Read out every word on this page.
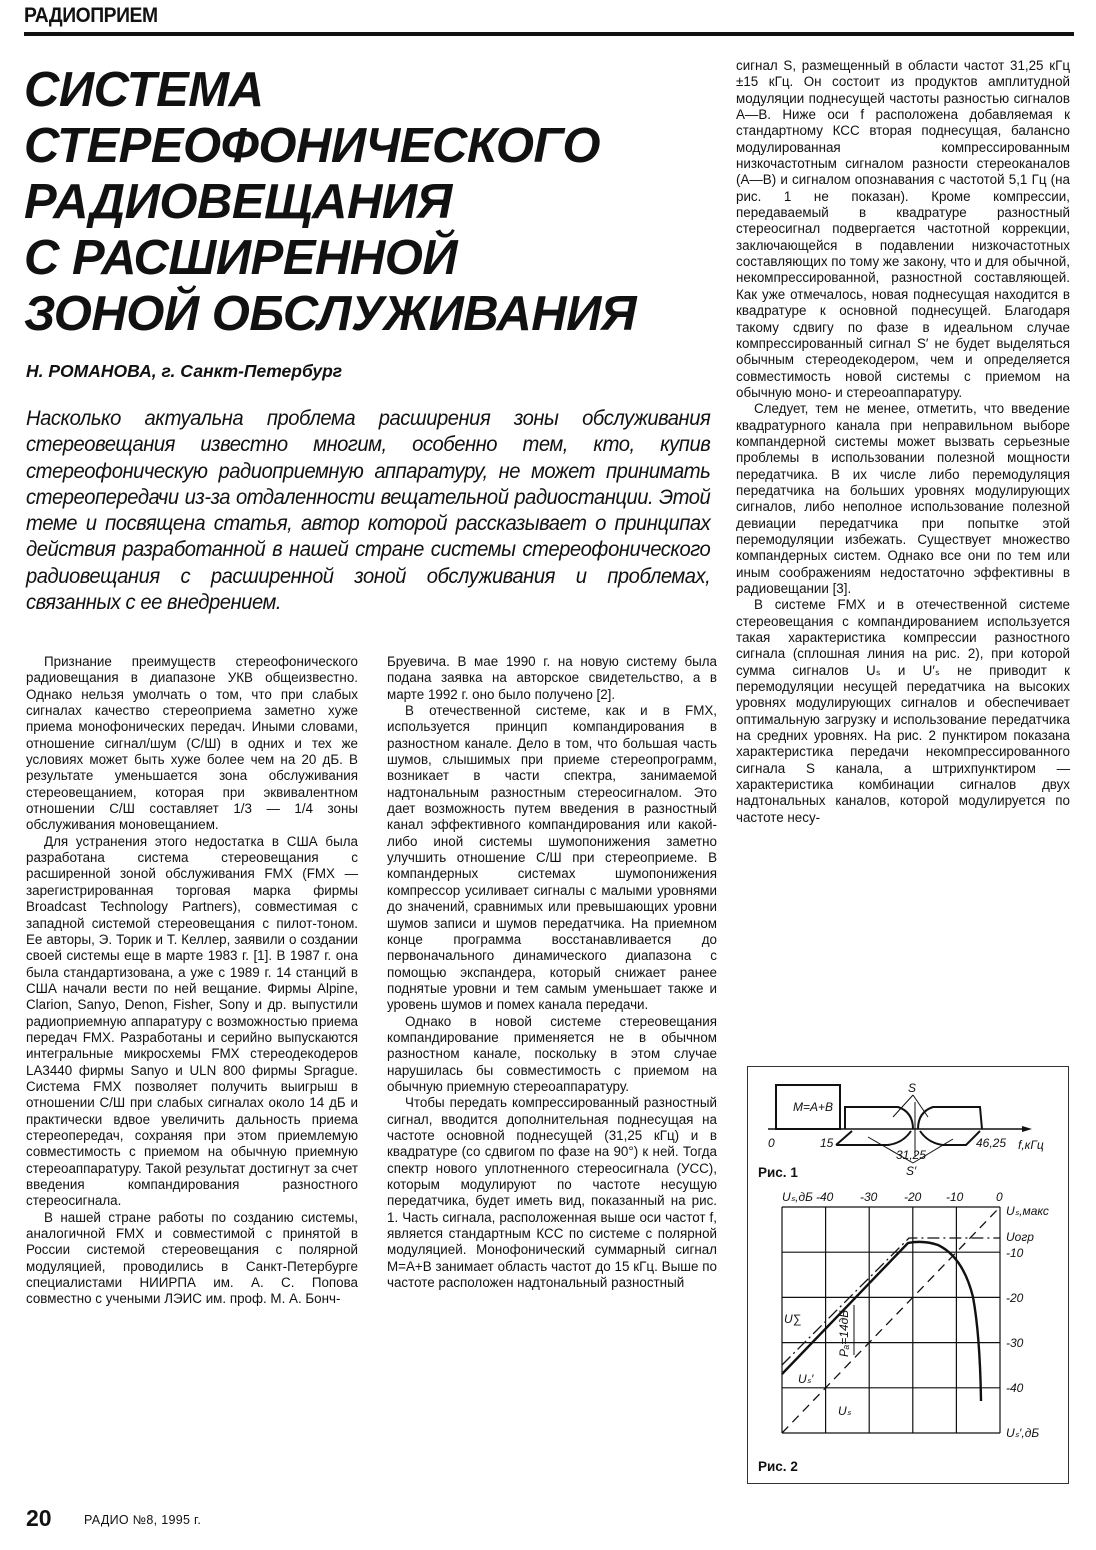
РАДИОПРИЕМ
СИСТЕМА
СТЕРЕОФОНИЧЕСКОГО
РАДИОВЕЩАНИЯ
С РАСШИРЕННОЙ
ЗОНОЙ ОБСЛУЖИВАНИЯ
Н. РОМАНОВА, г. Санкт-Петербург
Насколько актуальна проблема расширения зоны обслуживания стереовещания известно многим, особенно тем, кто, купив стереофоническую радиоприемную аппаратуру, не может принимать стереопередачи из-за отдаленности вещательной радиостанции. Этой теме и посвящена статья, автор которой рассказывает о принципах действия разработанной в нашей стране системы стереофонического радиовещания с расширенной зоной обслуживания и проблемах, связанных с ее внедрением.

Признание преимуществ стереофонического радиовещания в диапазоне УКВ общеизвестно. Однако нельзя умолчать о том, что при слабых сигналах качество стереоприема заметно хуже приема монофонических передач. Иными словами, отношение сигнал/шум (С/Ш) в одних и тех же условиях может быть хуже более чем на 20 дБ. В результате уменьшается зона обслуживания стереовещанием, которая при эквивалентном отношении С/Ш составляет 1/3 — 1/4 зоны обслуживания моновещанием.

Для устранения этого недостатка в США была разработана система стереовещания с расширенной зоной обслуживания FMX (FMX — зарегистрированная торговая марка фирмы Broadcast Technology Partners), совместимая с западной системой стереовещания с пилот-тоном. Ее авторы, Э. Торик и Т. Келлер, заявили о создании своей системы еще в марте 1983 г. [1]. В 1987 г. она была стандартизована, а уже с 1989 г. 14 станций в США начали вести по ней вещание. Фирмы Alpine, Clarion, Sanyo, Denon, Fisher, Sony и др. выпустили радиоприемную аппаратуру с возможностью приема передач FMX. Разработаны и серийно выпускаются интегральные микросхемы FMX стереодекодеров LA3440 фирмы Sanyo и ULN 800 фирмы Sprague. Система FMX позволяет получить выигрыш в отношении С/Ш при слабых сигналах около 14 дБ и практически вдвое увеличить дальность приема стереопередач, сохраняя при этом приемлемую совместимость с приемом на обычную приемную стереоаппаратуру. Такой результат достигнут за счет введения компандирования разностного стереосигнала.

В нашей стране работы по созданию системы, аналогичной FMX и совместимой с принятой в России системой стереовещания с полярной модуляцией, проводились в Санкт-Петербурге специалистами НИИРПА им. А. С. Попова совместно с учеными ЛЭИС им. проф. М. А. Бонч-

Бруевича. В мае 1990 г. на новую систему была подана заявка на авторское свидетельство, а в марте 1992 г. оно было получено [2].

В отечественной системе, как и в FMX, используется принцип компандирования в разностном канале. Дело в том, что большая часть шумов, слышимых при приеме стереопрограмм, возникает в части спектра, занимаемой надтональным разностным стереосигналом. Это дает возможность путем введения в разностный канал эффективного компандирования или какой-либо иной системы шумопонижения заметно улучшить отношение С/Ш при стереоприеме. В компандерных системах шумопонижения компрессор усиливает сигналы с малыми уровнями до значений, сравнимых или превышающих уровни шумов записи и шумов передатчика. На приемном конце программа восстанавливается до первоначального динамического диапазона с помощью экспандера, который снижает ранее поднятые уровни и тем самым уменьшает также и уровень шумов и помех канала передачи.

Однако в новой системе стереовещания компандирование применяется не в обычном разностном канале, поскольку в этом случае нарушилась бы совместимость с приемом на обычную приемную стереоаппаратуру.

Чтобы передать компрессированный разностный сигнал, вводится дополнительная поднесущая на частоте основной поднесущей (31,25 кГц) и в квадратуре (со сдвигом по фазе на 90°) к ней. Тогда спектр нового уплотненного стереосигнала (УСС), которым модулируют по частоте несущую передатчика, будет иметь вид, показанный на рис. 1. Часть сигнала, расположенная выше оси частот f, является стандартным КСС по системе с полярной модуляцией. Монофонический суммарный сигнал M=A+B занимает область частот до 15 кГц. Выше по частоте расположен надтональный разностный

сигнал S, размещенный в области частот 31,25 кГц ±15 кГц. Он состоит из продуктов амплитудной модуляции поднесущей частоты разностью сигналов A—B. Ниже оси f расположена добавляемая к стандартному КСС вторая поднесущая, балансно модулированная компрессированным низкочастотным сигналом разности стереоканалов (A—B) и сигналом опознавания с частотой 5,1 Гц (на рис. 1 не показан). Кроме компрессии, передаваемый в квадратуре разностный стереосигнал подвергается частотной коррекции, заключающейся в подавлении низкочастотных составляющих по тому же закону, что и для обычной, некомпрессированной, разностной составляющей. Как уже отмечалось, новая поднесущая находится в квадратуре к основной поднесущей. Благодаря такому сдвигу по фазе в идеальном случае компрессированный сигнал S′ не будет выделяться обычным стереодекодером, чем и определяется совместимость новой системы с приемом на обычную моно- и стереоаппаратуру.

Следует, тем не менее, отметить, что введение квадратурного канала при неправильном выборе компандерной системы может вызвать серьезные проблемы в использовании полезной мощности передатчика. В их числе либо перемодуляция передатчика на больших уровнях модулирующих сигналов, либо неполное использование полезной девиации передатчика при попытке этой перемодуляции избежать. Существует множество компандерных систем. Однако все они по тем или иным соображениям недостаточно эффективны в радиовещании [3].

В системе FMX и в отечественной системе стереовещания с компандированием используется такая характеристика компрессии разностного сигнала (сплошная линия на рис. 2), при которой сумма сигналов Uₛ и U′ₛ не приводит к перемодуляции несущей передатчика на высоких уровнях модулирующих сигналов и обеспечивает оптимальную загрузку и использование передатчика на средних уровнях. На рис. 2 пунктиром показана характеристика передачи некомпрессированного сигнала S канала, а штрихпунктиром — характеристика комбинации сигналов двух надтональных каналов, которой модулируется по частоте несу-

M=A+B
S
S′
0	15
31,25
46,25 f,кГц
Рис. 1
Uₛ,дБ -40 -30 -20 -10	0
Uₛ,макс
Uогр
-10
-20
-30
-40
Uₛ′,дБ
U∑
Uₛ′
Uₛ
Pₐ=14дБ
Рис. 2
20	РАДИО №8, 1995 г.
